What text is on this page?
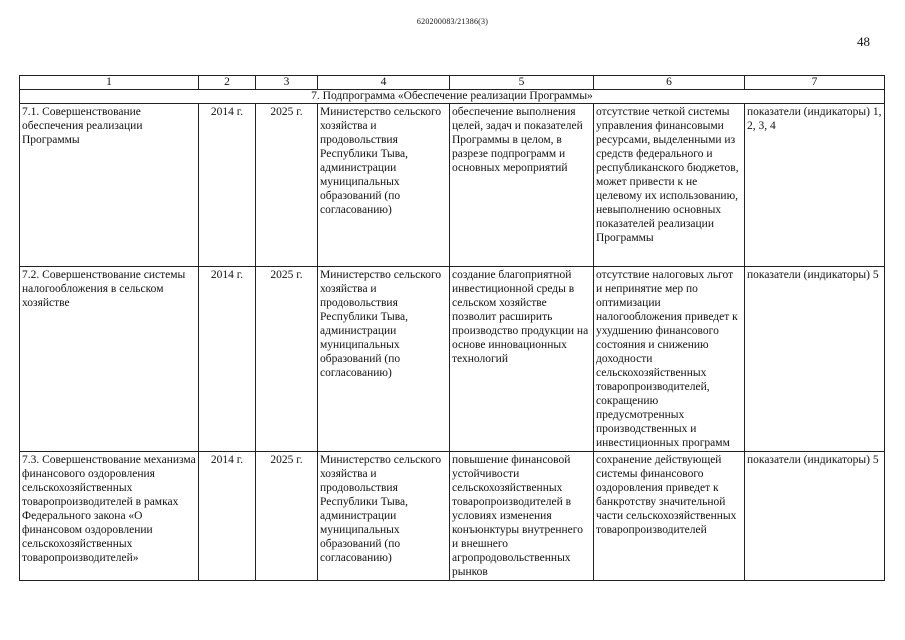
620200083/21386(3)
48
1	2	3	4	5	6	7
7. Подпрограмма «Обеспечение реализации Программы»						
7.1. Совершенствование обеспечения реализации Программы	2014 г.	2025 г.	Министерство сельского хозяйства и продовольствия Республики Тыва, администрации муниципальных образований (по согласованию)	обеспечение выполнения целей, задач и показателей Программы в целом, в разрезе подпрограмм и основных мероприятий	отсутствие четкой системы управления финансовыми ресурсами, выделенными из средств федерального и республиканского бюджетов, может привести к не целевому их использованию, невыполнению основных показателей реализации Программы	показатели (индикаторы) 1, 2, 3, 4
7.2. Совершенствование системы налогообложения в сельском хозяйстве	2014 г.	2025 г.	Министерство сельского хозяйства и продовольствия Республики Тыва, администрации муниципальных образований (по согласованию)	создание благоприятной инвестиционной среды в сельском хозяйстве позволит расширить производство продукции на основе инновационных технологий	отсутствие налоговых льгот и непринятие мер по оптимизации налогообложения приведет к ухудшению финансового состояния и снижению доходности сельскохозяйственных товаропроизводителей, сокращению предусмотренных производственных и инвестиционных программ	показатели (индикаторы) 5
7.3. Совершенствование механизма финансового оздоровления сельскохозяйственных товаропроизводителей в рамках Федерального закона «О финансовом оздоровлении сельскохозяйственных товаропроизводителей»	2014 г.	2025 г.	Министерство сельского хозяйства и продовольствия Республики Тыва, администрации муниципальных образований (по согласованию)	повышение финансовой устойчивости сельскохозяйственных товаропроизводителей в условиях изменения конъюнктуры внутреннего и внешнего агропродовольственных рынков	сохранение действующей системы финансового оздоровления приведет к банкротству значительной части сельскохозяйственных товаропроизводителей	показатели (индикаторы) 5
